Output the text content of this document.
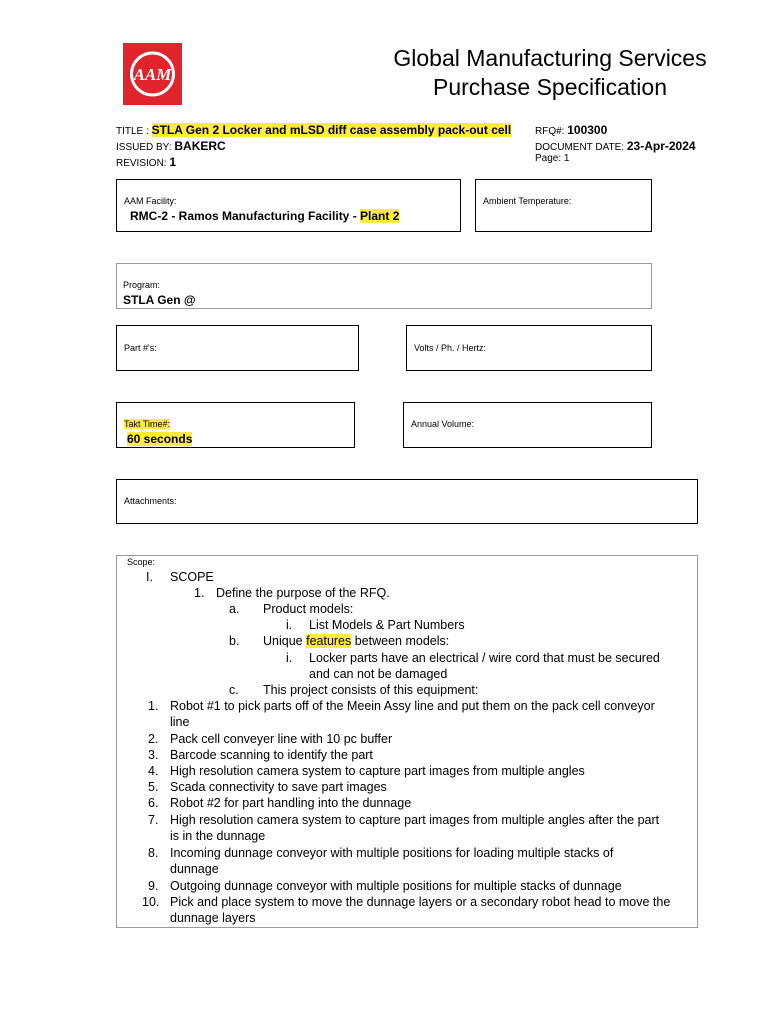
AAM
Global Manufacturing Services
Purchase Specification
TITLE : STLA Gen 2 Locker and mLSD diff case assembly pack-out cell
ISSUED BY: BAKERC
REVISION: 1
RFQ#: 100300
DOCUMENT DATE: 23-Apr-2024
Page: 1
AAM Facility:
RMC-2 - Ramos Manufacturing Facility - Plant 2
Ambient Temperature:
Program:
STLA Gen @
Part #'s:	Volts / Ph. / Hertz:
Takt Time#:
60 seconds
Annual Volume:
Attachments:
Scope:
I. SCOPE
1. Define the purpose of the RFQ.
a. Product models:
i. List Models & Part Numbers
b. Unique features between models:
i. Locker parts have an electrical / wire cord that must be secured
and can not be damaged
c. This project consists of this equipment:
1. Robot #1 to pick parts off of the Meein Assy line and put them on the pack cell conveyor
line
2. Pack cell conveyer line with 10 pc buffer
3. Barcode scanning to identify the part
4. High resolution camera system to capture part images from multiple angles
5. Scada connectivity to save part images
6. Robot #2 for part handling into the dunnage
7. High resolution camera system to capture part images from multiple angles after the part
is in the dunnage
8. Incoming dunnage conveyor with multiple positions for loading multiple stacks of
dunnage
9. Outgoing dunnage conveyor with multiple positions for multiple stacks of dunnage
10. Pick and place system to move the dunnage layers or a secondary robot head to move the
dunnage layers
